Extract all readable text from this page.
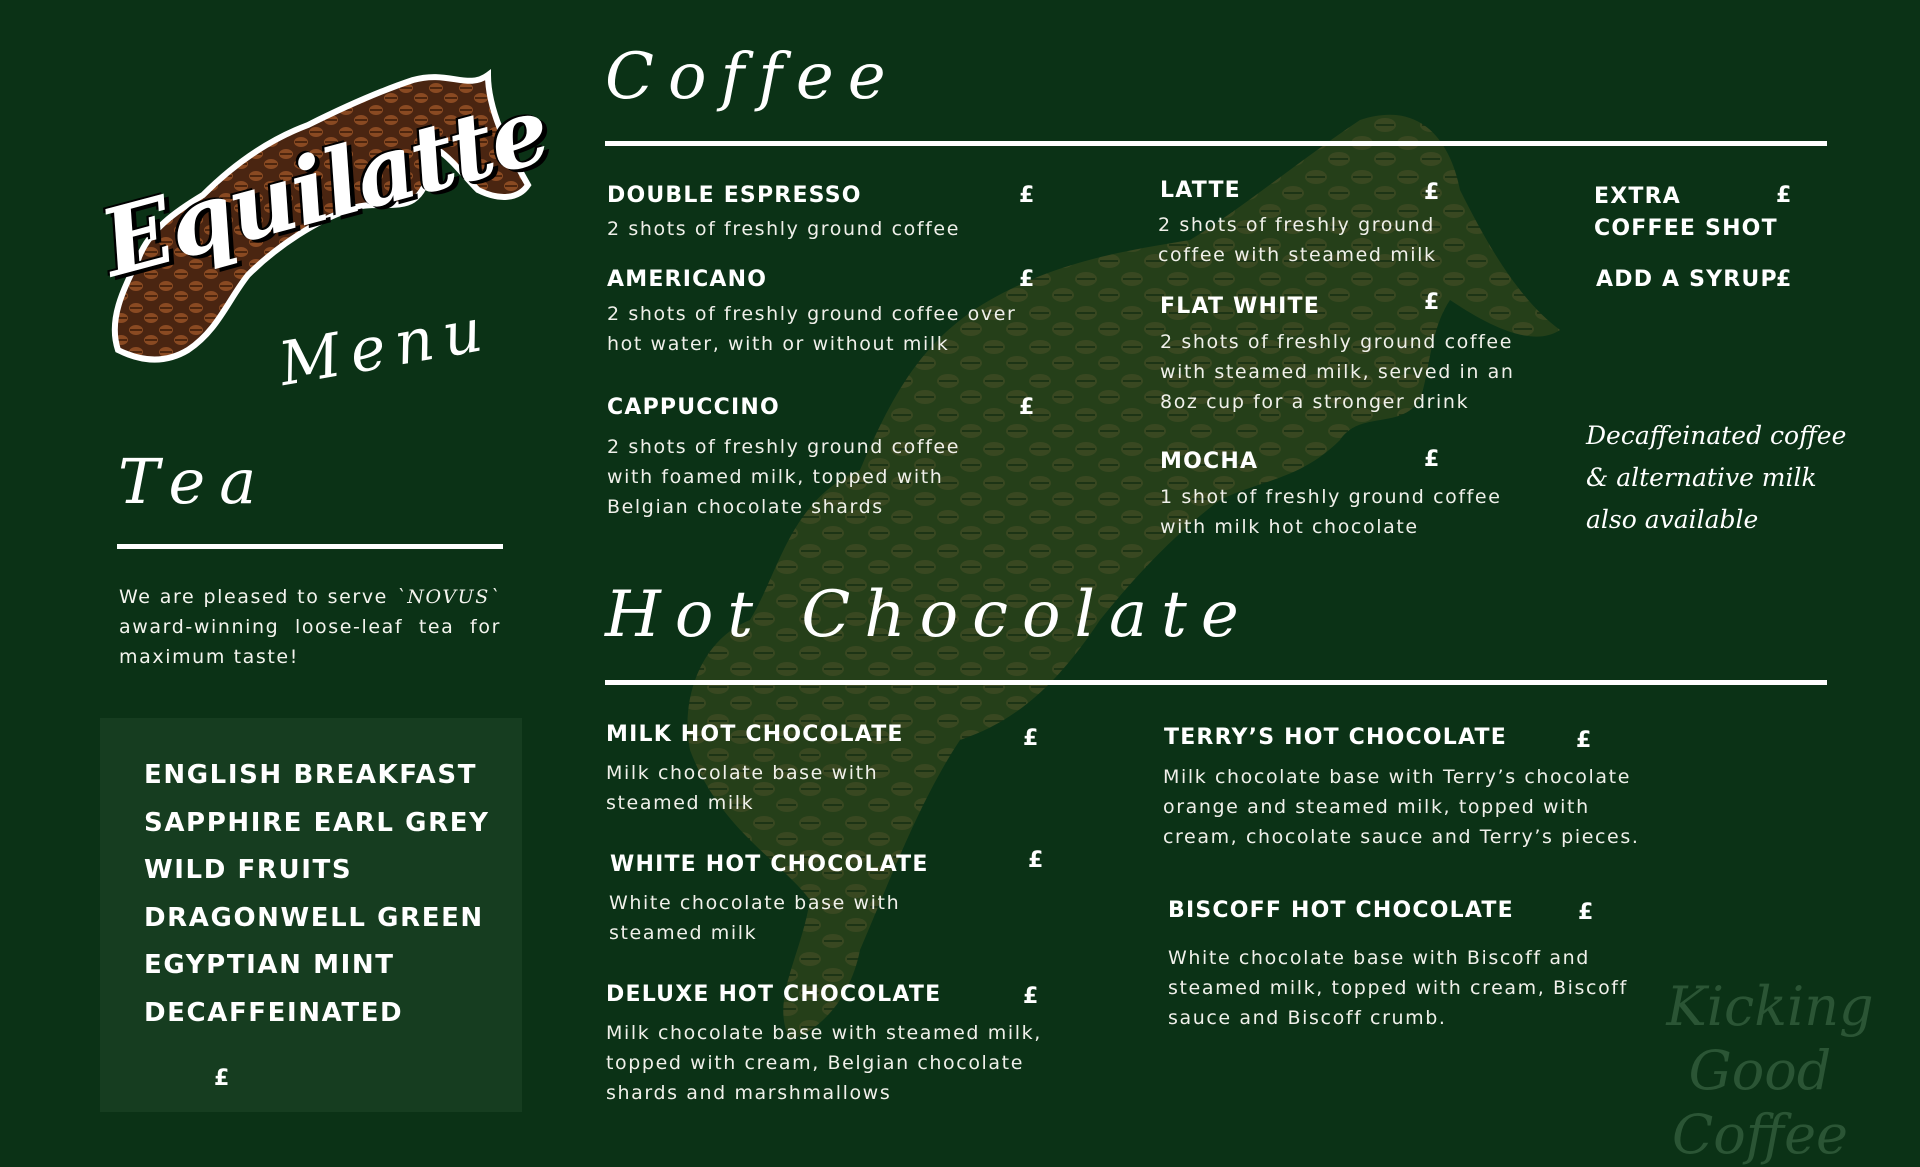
Equilatte
Menu
Tea
We are pleased to serve `NOVUS` award-winning loose-leaf tea for maximum taste!
ENGLISH BREAKFAST
SAPPHIRE EARL GREY
WILD FRUITS
DRAGONWELL GREEN
EGYPTIAN MINT
DECAFFEINATED
£
Coffee
DOUBLE ESPRESSO	£
2 shots of freshly ground coffee
AMERICANO	£
2 shots of freshly ground coffee over hot water, with or without milk
CAPPUCCINO	£
2 shots of freshly ground coffee with foamed milk, topped with Belgian chocolate shards
LATTE	£
2 shots of freshly ground coffee with steamed milk
FLAT WHITE	£
2 shots of freshly ground coffee with steamed milk, served in an 8oz cup for a stronger drink
MOCHA	£
1 shot of freshly ground coffee with milk hot chocolate
EXTRA
COFFEE SHOT
£
ADD A SYRUP
£
Decaffeinated coffee
& alternative milk
also available
Hot Chocolate
MILK HOT CHOCOLATE	£
Milk chocolate base with steamed milk
WHITE HOT CHOCOLATE	£
White chocolate base with steamed milk
DELUXE HOT CHOCOLATE	£
Milk chocolate base with steamed milk, topped with cream, Belgian chocolate shards and marshmallows
TERRY’S HOT CHOCOLATE	£
Milk chocolate base with Terry’s chocolate orange and steamed milk, topped with cream, chocolate sauce and Terry’s pieces.
BISCOFF HOT CHOCOLATE	£
White chocolate base with Biscoff and steamed milk, topped with cream, Biscoff sauce and Biscoff crumb.	Kicking
Good Coffee
